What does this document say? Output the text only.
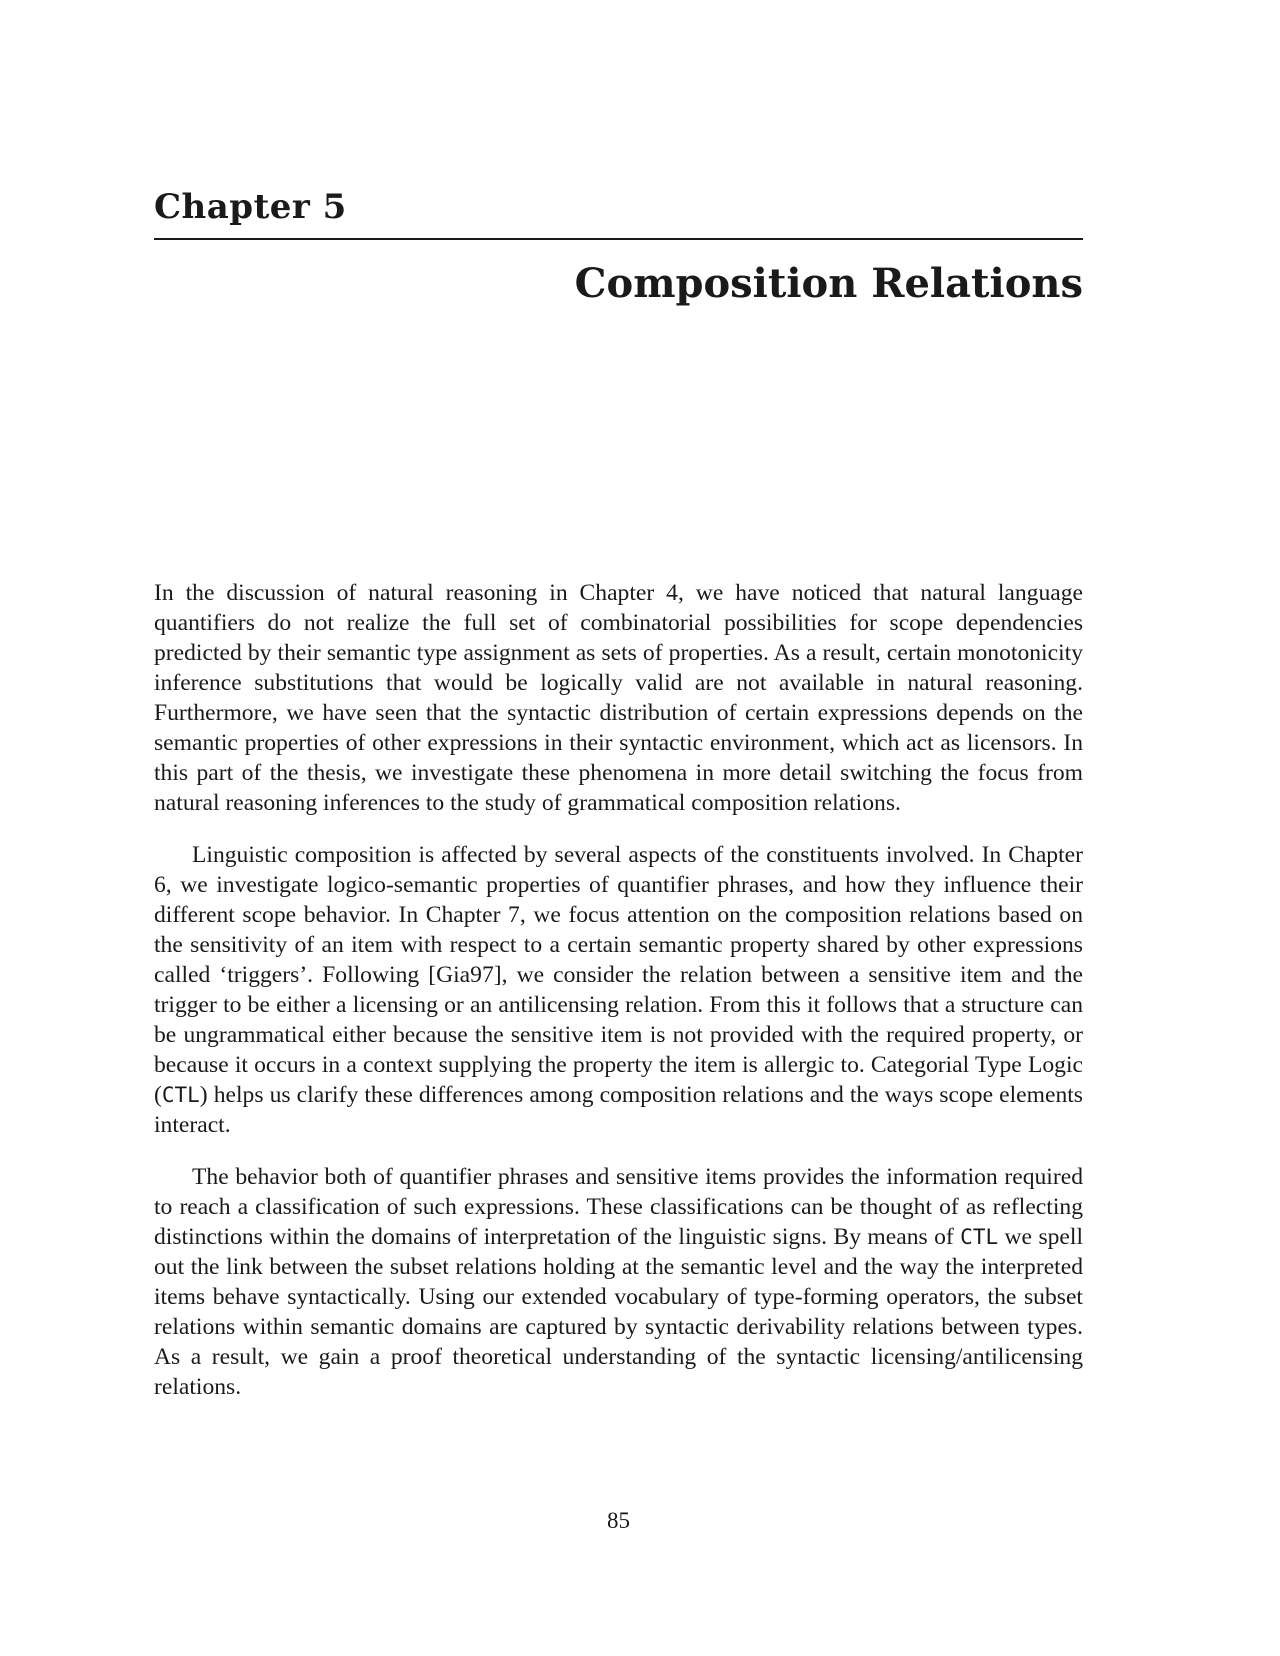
Chapter 5
Composition Relations

In the discussion of natural reasoning in Chapter 4, we have noticed that natural language quantifiers do not realize the full set of combinatorial possibilities for scope dependencies predicted by their semantic type assignment as sets of properties. As a result, certain monotonicity inference substitutions that would be logically valid are not available in natural reasoning. Furthermore, we have seen that the syntactic distribution of certain expressions depends on the semantic properties of other expressions in their syntactic environment, which act as licensors. In this part of the thesis, we investigate these phenomena in more detail switching the focus from natural reasoning inferences to the study of grammatical composition relations.

Linguistic composition is affected by several aspects of the constituents involved. In Chapter 6, we investigate logico-semantic properties of quantifier phrases, and how they influence their different scope behavior. In Chapter 7, we focus attention on the composition relations based on the sensitivity of an item with respect to a certain semantic property shared by other expressions called ‘triggers’. Following [Gia97], we consider the relation between a sensitive item and the trigger to be either a licensing or an antilicensing relation. From this it follows that a structure can be ungrammatical either because the sensitive item is not provided with the required property, or because it occurs in a context supplying the property the item is allergic to. Categorial Type Logic (CTL) helps us clarify these differences among composition relations and the ways scope elements interact.

The behavior both of quantifier phrases and sensitive items provides the information required to reach a classification of such expressions. These classifications can be thought of as reflecting distinctions within the domains of interpretation of the linguistic signs. By means of CTL we spell out the link between the subset relations holding at the semantic level and the way the interpreted items behave syntactically. Using our extended vocabulary of type-forming operators, the subset relations within semantic domains are captured by syntactic derivability relations between types. As a result, we gain a proof theoretical understanding of the syntactic licensing/antilicensing relations.

85
